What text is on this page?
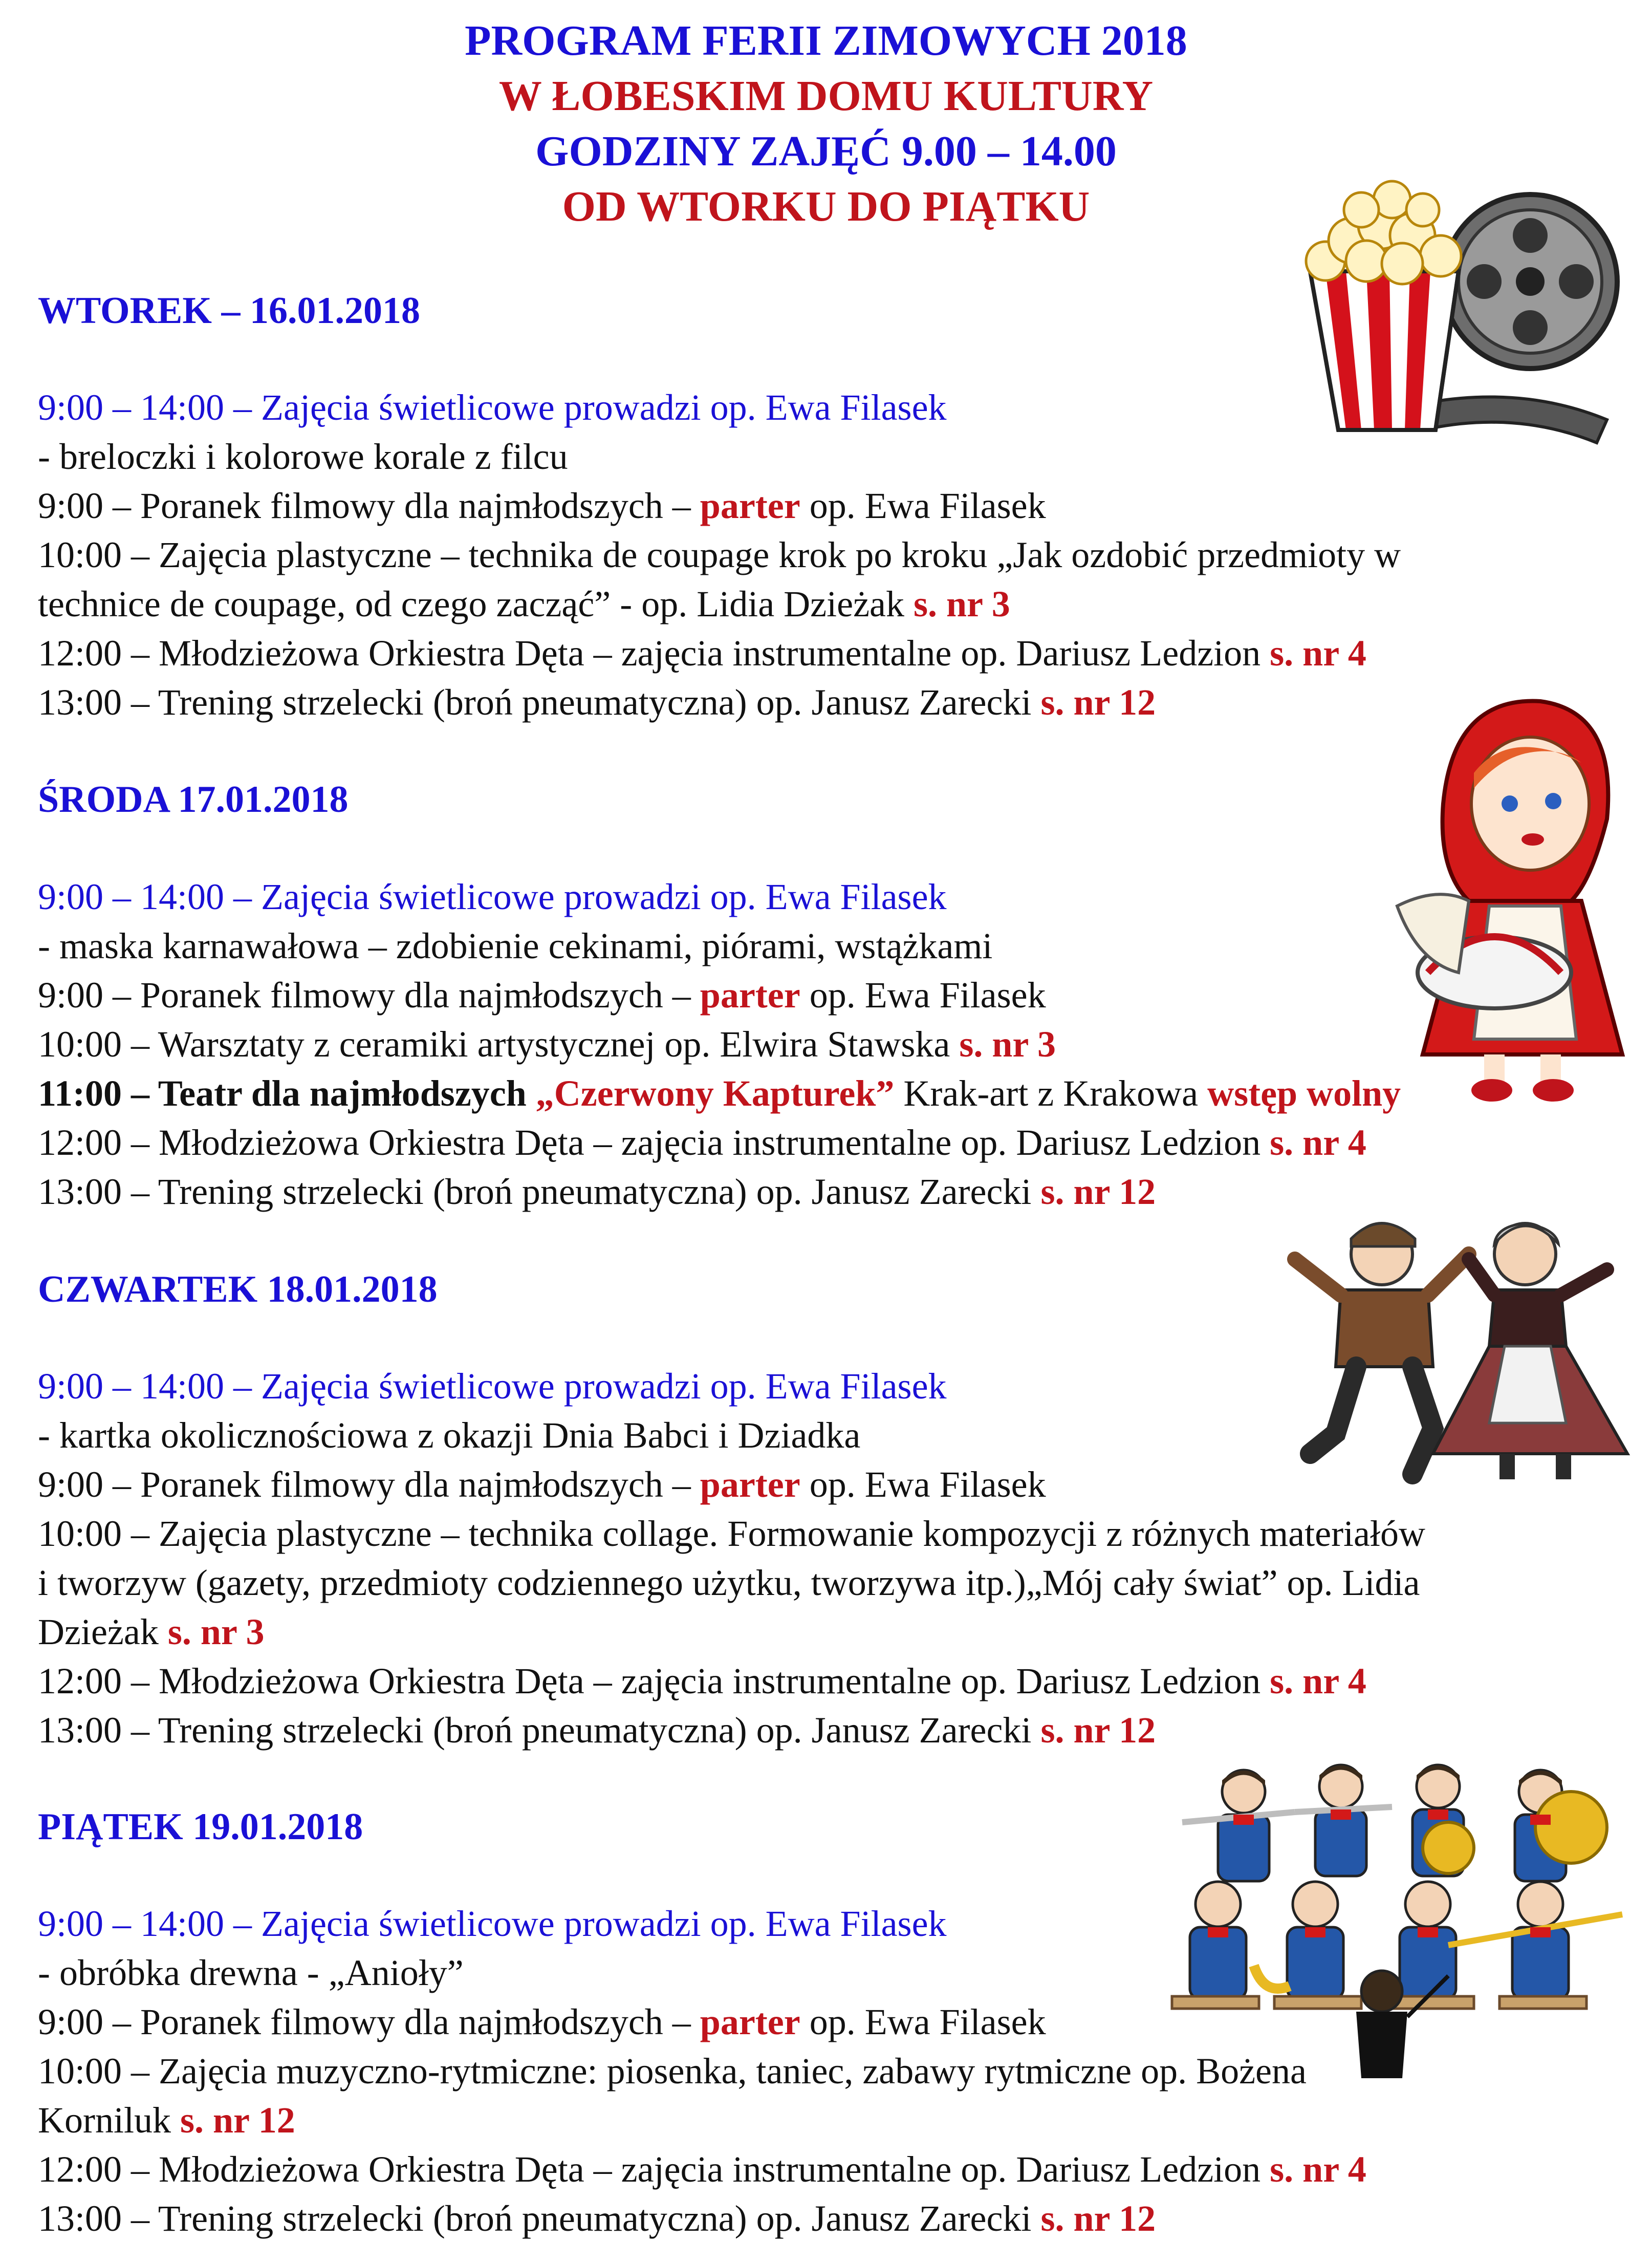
PROGRAM FERII ZIMOWYCH 2018
W ŁOBESKIM DOMU KULTURY
GODZINY ZAJĘĆ 9.00 – 14.00
OD WTORKU DO PIĄTKU
WTOREK – 16.01.2018
9:00 – 14:00 – Zajęcia świetlicowe prowadzi op. Ewa Filasek
- breloczki i kolorowe korale z filcu
9:00 – Poranek filmowy dla najmłodszych – parter op. Ewa Filasek
10:00 – Zajęcia plastyczne – technika de coupage krok po kroku „Jak ozdobić przedmioty w
technice de coupage, od czego zacząć” - op. Lidia Dzieżak s. nr 3
12:00 – Młodzieżowa Orkiestra Dęta – zajęcia instrumentalne op. Dariusz Ledzion s. nr 4
13:00 – Trening strzelecki (broń pneumatyczna) op. Janusz Zarecki s. nr 12
ŚRODA 17.01.2018
9:00 – 14:00 – Zajęcia świetlicowe prowadzi op. Ewa Filasek
- maska karnawałowa – zdobienie cekinami, piórami, wstążkami
9:00 – Poranek filmowy dla najmłodszych – parter op. Ewa Filasek
10:00 – Warsztaty z ceramiki artystycznej op. Elwira Stawska s. nr 3
11:00 – Teatr dla najmłodszych „Czerwony Kapturek” Krak-art z Krakowa wstęp wolny
12:00 – Młodzieżowa Orkiestra Dęta – zajęcia instrumentalne op. Dariusz Ledzion s. nr 4
13:00 – Trening strzelecki (broń pneumatyczna) op. Janusz Zarecki s. nr 12
CZWARTEK 18.01.2018
9:00 – 14:00 – Zajęcia świetlicowe prowadzi op. Ewa Filasek
- kartka okolicznościowa z okazji Dnia Babci i Dziadka
9:00 – Poranek filmowy dla najmłodszych – parter op. Ewa Filasek
10:00 – Zajęcia plastyczne – technika collage. Formowanie kompozycji z różnych materiałów
i tworzyw (gazety, przedmioty codziennego użytku, tworzywa itp.)„Mój cały świat” op. Lidia
Dzieżak s. nr 3
12:00 – Młodzieżowa Orkiestra Dęta – zajęcia instrumentalne op. Dariusz Ledzion s. nr 4
13:00 – Trening strzelecki (broń pneumatyczna) op. Janusz Zarecki s. nr 12
PIĄTEK 19.01.2018
9:00 – 14:00 – Zajęcia świetlicowe prowadzi op. Ewa Filasek
- obróbka drewna - „Anioły”
9:00 – Poranek filmowy dla najmłodszych – parter op. Ewa Filasek
10:00 – Zajęcia muzyczno-rytmiczne: piosenka, taniec, zabawy rytmiczne op. Bożena
Korniluk s. nr 12
12:00 – Młodzieżowa Orkiestra Dęta – zajęcia instrumentalne op. Dariusz Ledzion s. nr 4
13:00 – Trening strzelecki (broń pneumatyczna) op. Janusz Zarecki s. nr 12
